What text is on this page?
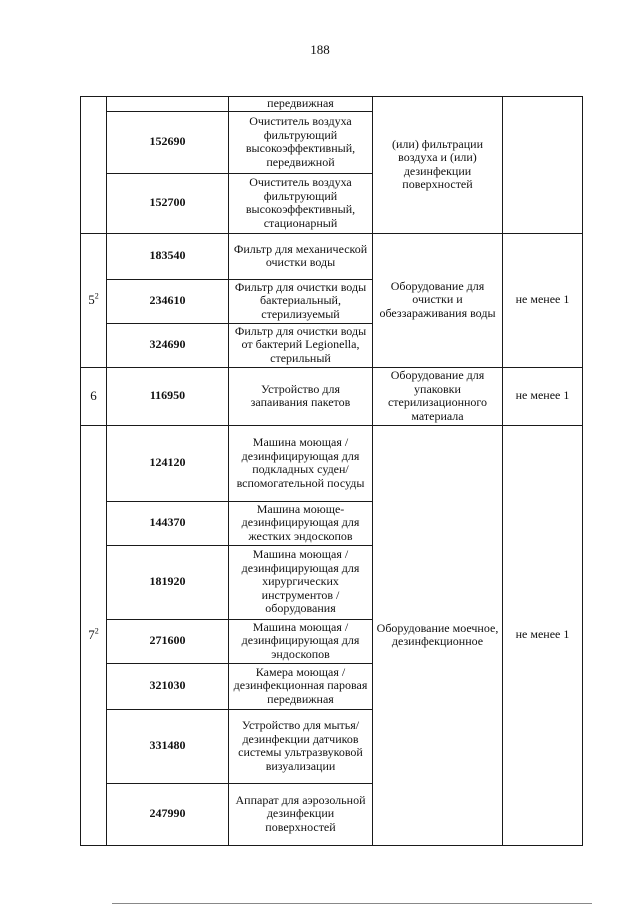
188
		передвижная	(или) фильтрации воздуха и (или) дезинфекции поверхностей	
	152690	Очиститель воздуха фильтрующий высокоэффективный, передвижной		
	152700	Очиститель воздуха фильтрующий высокоэффективный, стационарный		
$5^2$	183540	Фильтр для механической очистки воды	Оборудование для очистки и обеззараживания воды	не менее 1
	234610	Фильтр для очистки воды бактериальный, стерилизуемый		
	324690	Фильтр для очистки воды от бактерий Legionella, стерильный		
6	116950	Устройство для запаивания пакетов	Оборудование для упаковки стерилизационного материала	не менее 1
$7^2$	124120	Машина моющая /дезинфицирующая для подкладных суден/вспомогательной посуды	Оборудование моечное, дезинфекционное	не менее 1
	144370	Машина моюще-дезинфицирующая для жестких эндоскопов		
	181920	Машина моющая /дезинфицирующая для хирургических инструментов /оборудования		
	271600	Машина моющая /дезинфицирующая для эндоскопов		
	321030	Камера моющая /дезинфекционная паровая передвижная		
	331480	Устройство для мытья/дезинфекции датчиков системы ультразвуковой визуализации		
	247990	Аппарат для аэрозольной дезинфекции поверхностей		
